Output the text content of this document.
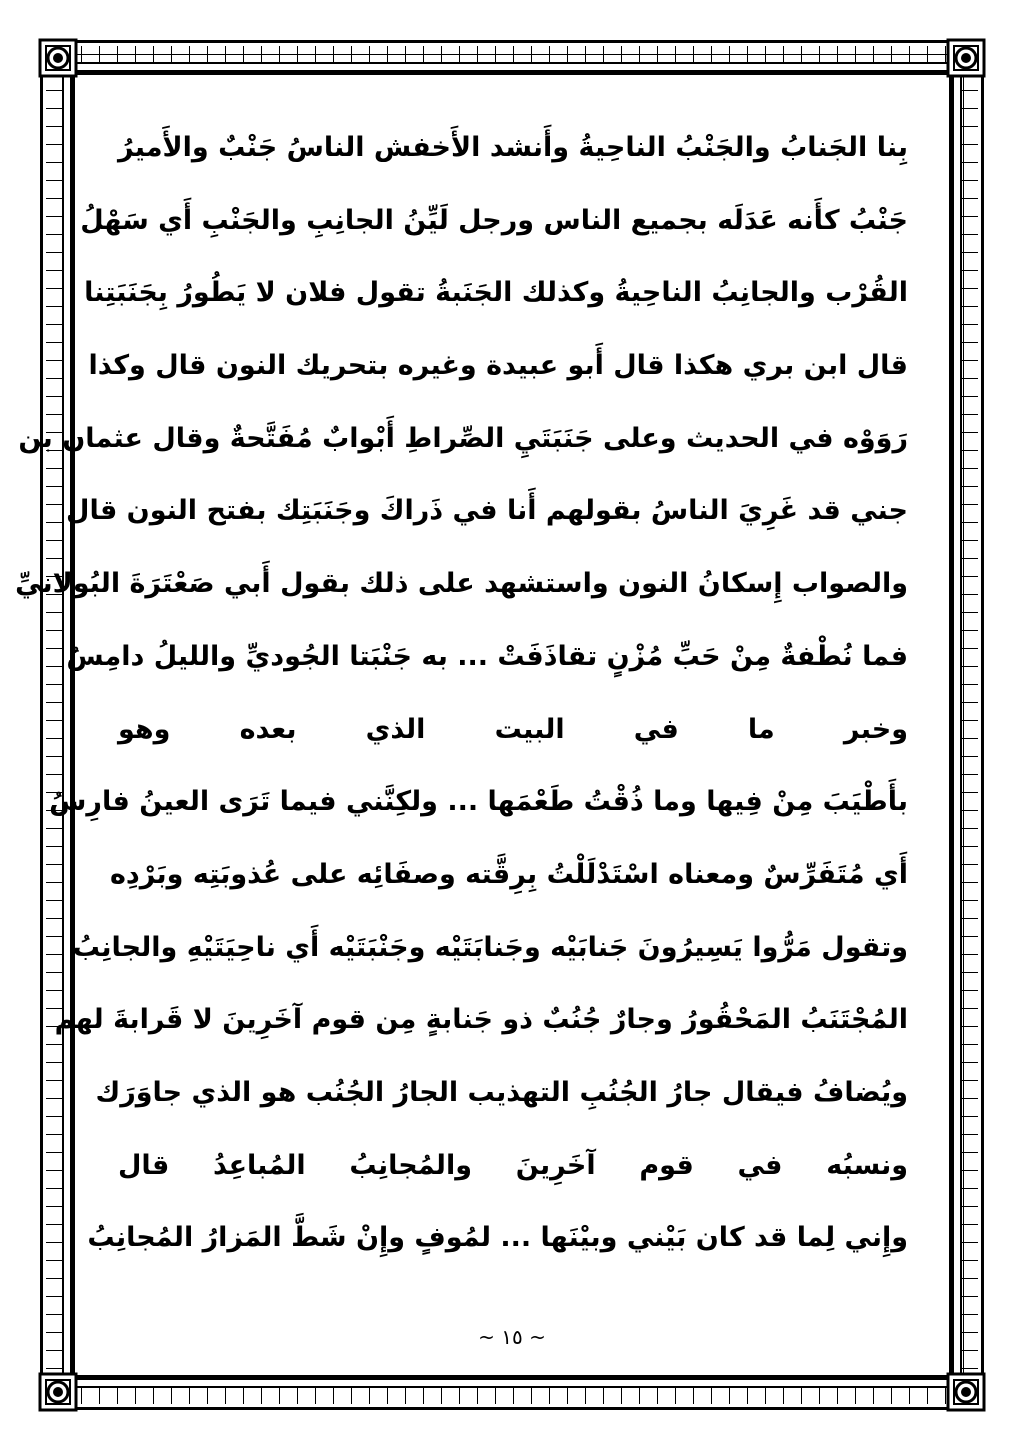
بِنا الجَنابُ والجَنْبُ الناحِيةُ وأَنشد الأَخفش الناسُ جَنْبٌ والأَميرُ
جَنْبُ كأَنه عَدَلَه بجميع الناس ورجل لَيِّنُ الجانِبِ والجَنْبِ أَي سَهْلُ
القُرْب والجانِبُ الناحِيةُ وكذلك الجَنَبةُ تقول فلان لا يَطُورُ بِجَنَبَتِنا
قال ابن بري هكذا قال أَبو عبيدة وغيره بتحريك النون قال وكذا
رَوَوْه في الحديث وعلى جَنَبَتَيِ الصِّراطِ أَبْوابٌ مُفَتَّحةٌ وقال عثمان بن
جني قد غَرِيَ الناسُ بقولهم أَنا في ذَراكَ وجَنَبَتِك بفتح النون قال
والصواب إِسكانُ النون واستشهد على ذلك بقول أَبي صَعْتَرَةَ البُولانيِّ
فما نُطْفةٌ مِنْ حَبِّ مُزْنٍ تقاذَفَتْ ... به جَنْبَتا الجُوديِّ والليلُ دامِسُ
وخبر ما في البيت الذي بعده وهو
بأَطْيَبَ مِنْ فِيها وما ذُقْتُ طَعْمَها ... ولكِنَّني فيما تَرَى العينُ فارِسُ
أَي مُتَفَرِّسٌ ومعناه اسْتَدْلَلْتُ بِرِقَّته وصفَائِه على عُذوبَتِه وبَرْدِه
وتقول مَرُّوا يَسِيرُونَ جَنابَيْه وجَنابَتَيْه وجَنْبَتَيْه أَي ناحِيَتَيْهِ والجانِبُ
المُجْتَنَبُ المَحْقُورُ وجارٌ جُنُبٌ ذو جَنابةٍ مِن قوم آخَرِينَ لا قَرابةَ لهم
ويُضافُ فيقال جارُ الجُنُبِ التهذيب الجارُ الجُنُب هو الذي جاوَرَك
ونسبُه في قوم آخَرِينَ والمُجانِبُ المُباعِدُ قال
وإِني لِما قد كان بَيْني وبيْنَها ... لمُوفٍ وإِنْ شَطَّ المَزارُ المُجانِبُ
~ ١٥ ~
